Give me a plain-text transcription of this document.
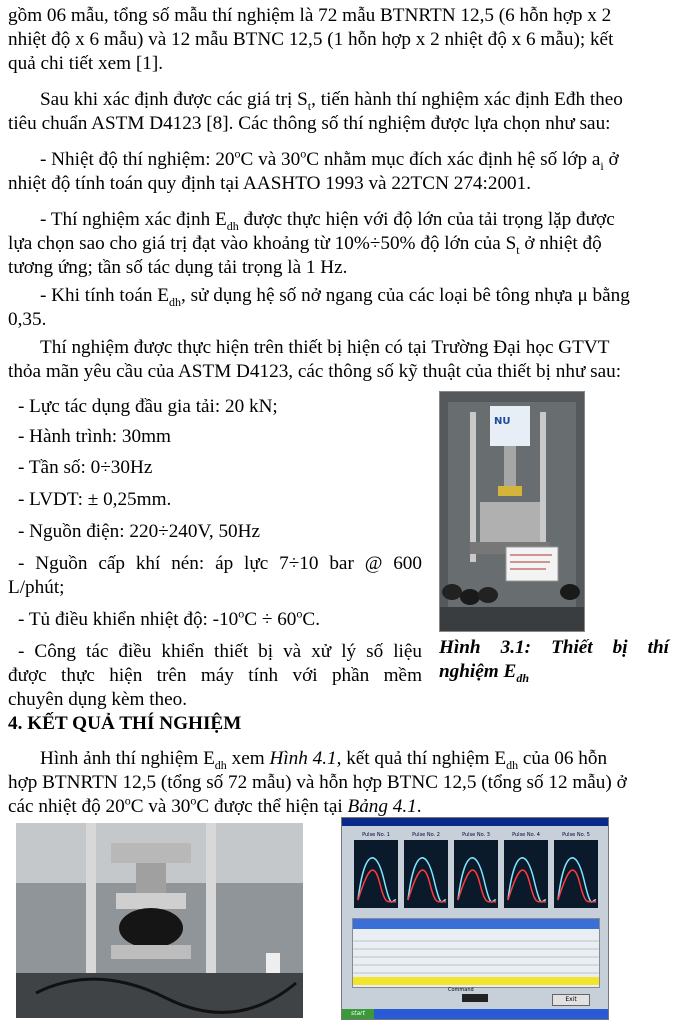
gồm 06 mẫu, tổng số mẫu thí nghiệm là 72 mẫu BTNRTN 12,5 (6 hỗn hợp x 2

nhiệt độ x 6 mẫu) và 12 mẫu BTNC 12,5 (1 hỗn hợp x 2 nhiệt độ x 6 mẫu); kết

quả chi tiết xem [1].

Sau khi xác định được các giá trị $S_t$, tiến hành thí nghiệm xác định Eđh theo

tiêu chuẩn ASTM D4123 [8]. Các thông số thí nghiệm được lựa chọn như sau:

- Nhiệt độ thí nghiệm: 20$^o$C và 30$^o$C nhằm mục đích xác định hệ số lớp $a_i$ ở

nhiệt độ tính toán quy định tại AASHTO 1993 và 22TCN 274:2001.

- Thí nghiệm xác định $E_{dh}$ được thực hiện với độ lớn của tải trọng lặp được

lựa chọn sao cho giá trị đạt vào khoảng từ 10%÷50% độ lớn của $S_t$ ở nhiệt độ

tương ứng; tần số tác dụng tải trọng là 1 Hz.

- Khi tính toán $E_{dh}$, sử dụng hệ số nở ngang của các loại bê tông nhựa μ bằng

0,35.

Thí nghiệm được thực hiện trên thiết bị hiện có tại Trường Đại học GTVT

thỏa mãn yêu cầu của ASTM D4123, các thông số kỹ thuật của thiết bị như sau:

- Lực tác dụng đầu gia tải: 20 kN;
- Hành trình: 30mm
- Tần số: 0÷30Hz
- LVDT: ± 0,25mm.
- Nguồn điện: 220÷240V, 50Hz

- Nguồn cấp khí nén: áp lực 7÷10 bar @ 600

L/phút;
- Tủ điều khiển nhiệt độ: $-10^oC \div 60^oC$.

- Công tác điều khiển thiết bị và xử lý số liệu

được thực hiện trên máy tính với phần mềm

chuyên dụng kèm theo.
NU
Hình 3.1: Thiết bị thí
nghiệm $E_{dh}$
4. KẾT QUẢ THÍ NGHIỆM

Hình ảnh thí nghiệm $E_{dh}$ xem Hình 4.1, kết quả thí nghiệm $E_{dh}$ của 06 hỗn

hợp BTNRTN 12,5 (tổng số 72 mẫu) và hỗn hợp BTNC 12,5 (tổng số 12 mẫu) ở

các nhiệt độ 20$^o$C và 30$^o$C được thể hiện tại Bảng 4.1.

Pulse No. 1	Pulse No. 2	Pulse No. 3	Pulse No. 4	Pulse No. 5
Command
Exit
start
